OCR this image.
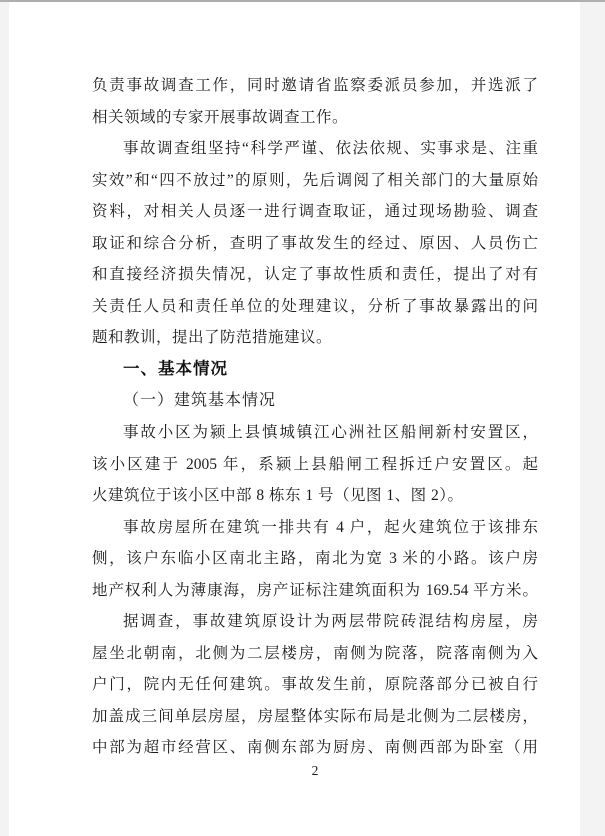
负责事故调查工作，同时邀请省监察委派员参加，并选派了
相关领域的专家开展事故调查工作。
事故调查组坚持“科学严谨、依法依规、实事求是、注重
实效”和“四不放过”的原则，先后调阅了相关部门的大量原始
资料，对相关人员逐一进行调查取证，通过现场勘验、调查
取证和综合分析，查明了事故发生的经过、原因、人员伤亡
和直接经济损失情况，认定了事故性质和责任，提出了对有
关责任人员和责任单位的处理建议，分析了事故暴露出的问
题和教训，提出了防范措施建议。
一、基本情况
（一）建筑基本情况
事故小区为颍上县慎城镇江心洲社区船闸新村安置区，
该小区建于 2005 年，系颍上县船闸工程拆迁户安置区。起
火建筑位于该小区中部 8 栋东 1 号（见图 1、图 2）。
事故房屋所在建筑一排共有 4 户，起火建筑位于该排东
侧，该户东临小区南北主路，南北为宽 3 米的小路。该户房
地产权利人为薄康海，房产证标注建筑面积为 169.54 平方米。
据调查，事故建筑原设计为两层带院砖混结构房屋，房
屋坐北朝南，北侧为二层楼房，南侧为院落，院落南侧为入
户门，院内无任何建筑。事故发生前，原院落部分已被自行
加盖成三间单层房屋，房屋整体实际布局是北侧为二层楼房，
中部为超市经营区、南侧东部为厨房、南侧西部为卧室（用
2
